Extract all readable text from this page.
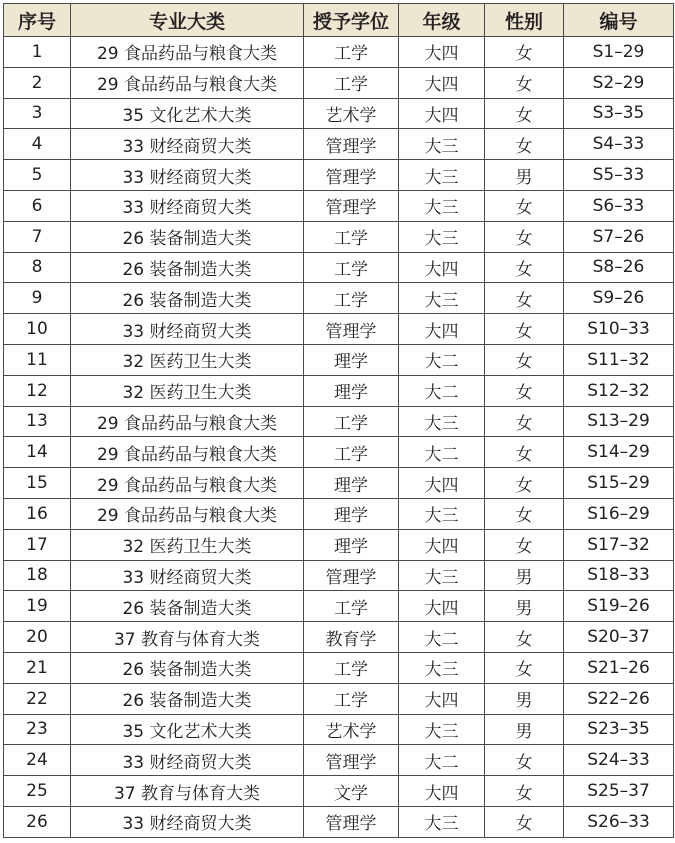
序号	专业大类	授予学位	年级	性别	编号
1	29 食品药品与粮食大类	工学	大四	女	S1–29
2	29 食品药品与粮食大类	工学	大四	女	S2–29
3	35 文化艺术大类	艺术学	大四	女	S3–35
4	33 财经商贸大类	管理学	大三	女	S4–33
5	33 财经商贸大类	管理学	大三	男	S5–33
6	33 财经商贸大类	管理学	大三	女	S6–33
7	26 装备制造大类	工学	大三	女	S7–26
8	26 装备制造大类	工学	大四	女	S8–26
9	26 装备制造大类	工学	大三	女	S9–26
10	33 财经商贸大类	管理学	大四	女	S10–33
11	32 医药卫生大类	理学	大二	女	S11–32
12	32 医药卫生大类	理学	大二	女	S12–32
13	29 食品药品与粮食大类	工学	大三	女	S13–29
14	29 食品药品与粮食大类	工学	大二	女	S14–29
15	29 食品药品与粮食大类	理学	大四	女	S15–29
16	29 食品药品与粮食大类	理学	大三	女	S16–29
17	32 医药卫生大类	理学	大四	女	S17–32
18	33 财经商贸大类	管理学	大三	男	S18–33
19	26 装备制造大类	工学	大四	男	S19–26
20	37 教育与体育大类	教育学	大二	女	S20–37
21	26 装备制造大类	工学	大三	女	S21–26
22	26 装备制造大类	工学	大四	男	S22–26
23	35 文化艺术大类	艺术学	大三	男	S23–35
24	33 财经商贸大类	管理学	大二	女	S24–33
25	37 教育与体育大类	文学	大四	女	S25–37
26	33 财经商贸大类	管理学	大三	女	S26–33
